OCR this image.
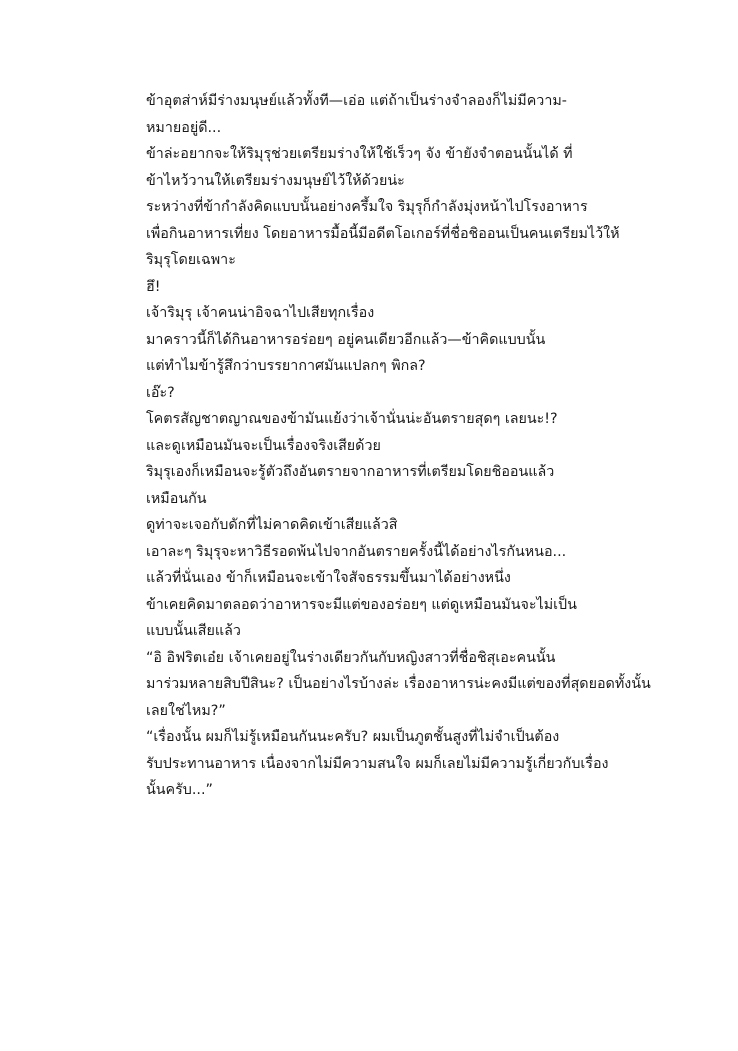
ข้าอุตส่าห์มีร่างมนุษย์แล้วทั้งที—เอ่อ แต่ถ้าเป็นร่างจำลองก็ไม่มีความ-
หมายอยู่ดี...

ข้าล่ะอยากจะให้ริมุรุช่วยเตรียมร่างให้ใช้เร็วๆ จัง ข้ายังจำตอนนั้นได้ ที่
ข้าไหว้วานให้เตรียมร่างมนุษย์ไว้ให้ด้วยน่ะ

ระหว่างที่ข้ากำลังคิดแบบนั้นอย่างครึ้มใจ ริมุรุก็กำลังมุ่งหน้าไปโรงอาหาร
เพื่อกินอาหารเที่ยง โดยอาหารมื้อนี้มีอดีตโอเกอร์ที่ชื่อชิออนเป็นคนเตรียมไว้ให้
ริมุรุโดยเฉพาะ

ฮึ!

เจ้าริมุรุ เจ้าคนน่าอิจฉาไปเสียทุกเรื่อง

มาคราวนี้ก็ได้กินอาหารอร่อยๆ อยู่คนเดียวอีกแล้ว—ข้าคิดแบบนั้น
แต่ทำไมข้ารู้สึกว่าบรรยากาศมันแปลกๆ พิกล?

เอ๊ะ?

โคตรสัญชาตญาณของข้ามันแย้งว่าเจ้านั่นน่ะอันตรายสุดๆ เลยนะ!?

และดูเหมือนมันจะเป็นเรื่องจริงเสียด้วย

ริมุรุเองก็เหมือนจะรู้ตัวถึงอันตรายจากอาหารที่เตรียมโดยชิออนแล้ว
เหมือนกัน

ดูท่าจะเจอกับดักที่ไม่คาดคิดเข้าเสียแล้วสิ

เอาละๆ ริมุรุจะหาวิธีรอดพ้นไปจากอันตรายครั้งนี้ได้อย่างไรกันหนอ...

แล้วที่นั่นเอง ข้าก็เหมือนจะเข้าใจสัจธรรมขึ้นมาได้อย่างหนึ่ง

ข้าเคยคิดมาตลอดว่าอาหารจะมีแต่ของอร่อยๆ แต่ดูเหมือนมันจะไม่เป็น
แบบนั้นเสียแล้ว

“อิ อิฟริตเอ๋ย เจ้าเคยอยู่ในร่างเดียวกันกับหญิงสาวที่ชื่อชิสุเอะคนนั้น
มาร่วมหลายสิบปีสินะ? เป็นอย่างไรบ้างล่ะ เรื่องอาหารน่ะคงมีแต่ของที่สุดยอดทั้งนั้น
เลยใช่ไหม?”

“เรื่องนั้น ผมก็ไม่รู้เหมือนกันนะครับ? ผมเป็นภูตชั้นสูงที่ไม่จำเป็นต้อง
รับประทานอาหาร เนื่องจากไม่มีความสนใจ ผมก็เลยไม่มีความรู้เกี่ยวกับเรื่อง
นั้นครับ...”
